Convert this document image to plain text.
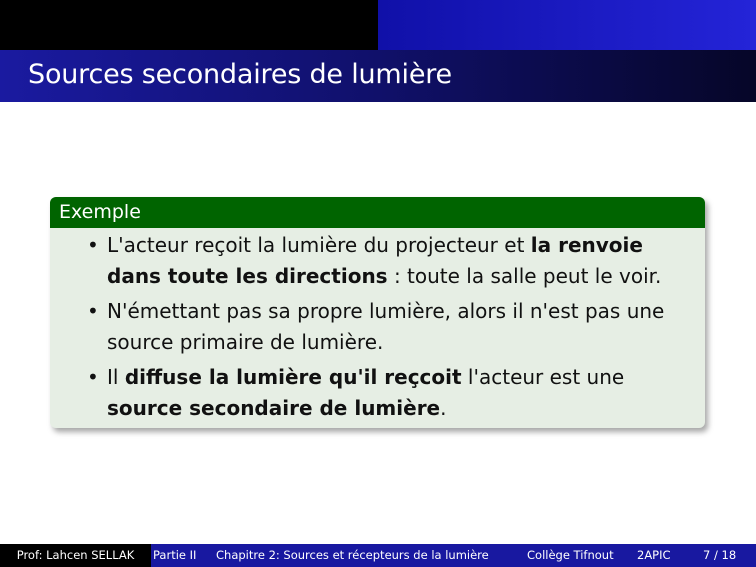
Sources secondaires de lumière
Exemple
• L'acteur reçoit la lumière du projecteur et la renvoie dans toute les directions : toute la salle peut le voir.
• N'émettant pas sa propre lumière, alors il n'est pas une source primaire de lumière.
• Il diffuse la lumière qu'il reçcoit l'acteur est une source secondaire de lumière.
Prof: Lahcen SELLAK	Partie II Chapitre 2: Sources et récepteurs de la lumière	Collège Tifnout 2APIC	7 / 18
